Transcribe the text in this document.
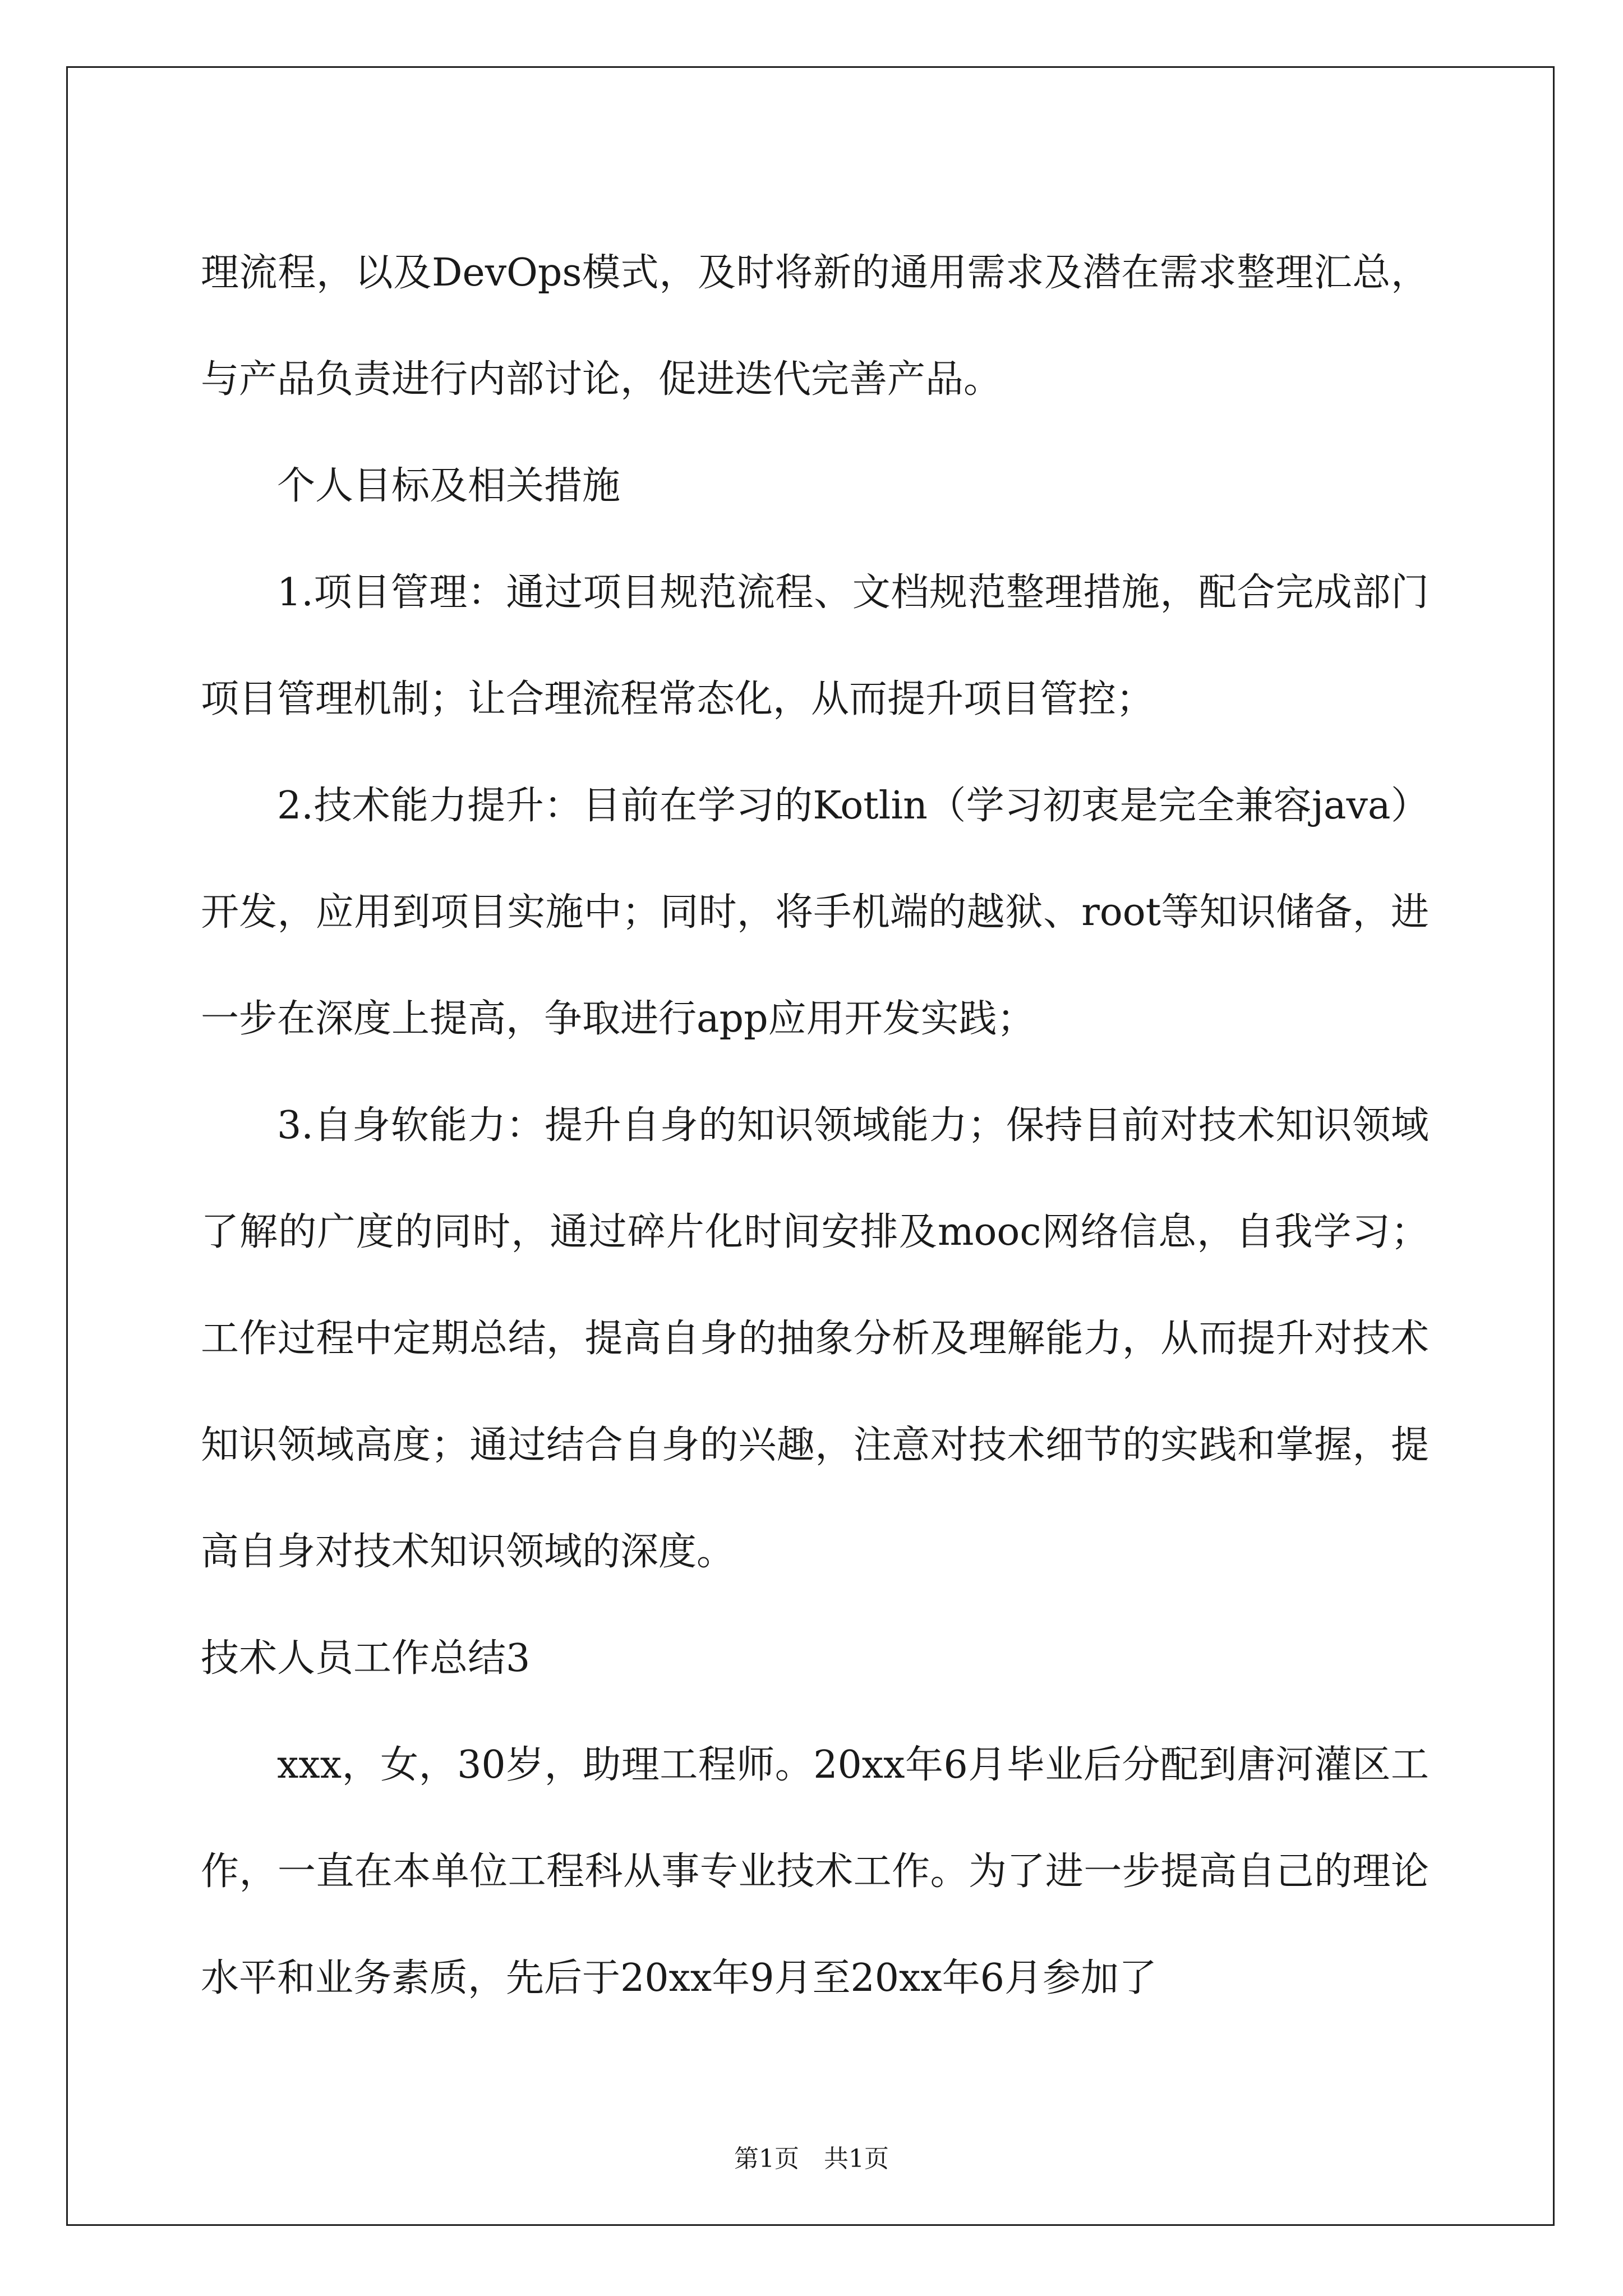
理流程，以及DevOps模式，及时将新的通用需求及潜在需求整理汇总，与产品负责进行内部讨论，促进迭代完善产品。

个人目标及相关措施

1.项目管理：通过项目规范流程、文档规范整理措施，配合完成部门项目管理机制；让合理流程常态化，从而提升项目管控；

2.技术能力提升：目前在学习的Kotlin（学习初衷是完全兼容java）开发，应用到项目实施中；同时，将手机端的越狱、root等知识储备，进一步在深度上提高，争取进行app应用开发实践；

3.自身软能力：提升自身的知识领域能力；保持目前对技术知识领域了解的广度的同时，通过碎片化时间安排及mooc网络信息，自我学习；工作过程中定期总结，提高自身的抽象分析及理解能力，从而提升对技术知识领域高度；通过结合自身的兴趣，注意对技术细节的实践和掌握，提高自身对技术知识领域的深度。

技术人员工作总结3

xxx，女，30岁，助理工程师。20xx年6月毕业后分配到唐河灌区工作，一直在本单位工程科从事专业技术工作。为了进一步提高自己的理论水平和业务素质，先后于20xx年9月至20xx年6月参加了

第1页　共1页
